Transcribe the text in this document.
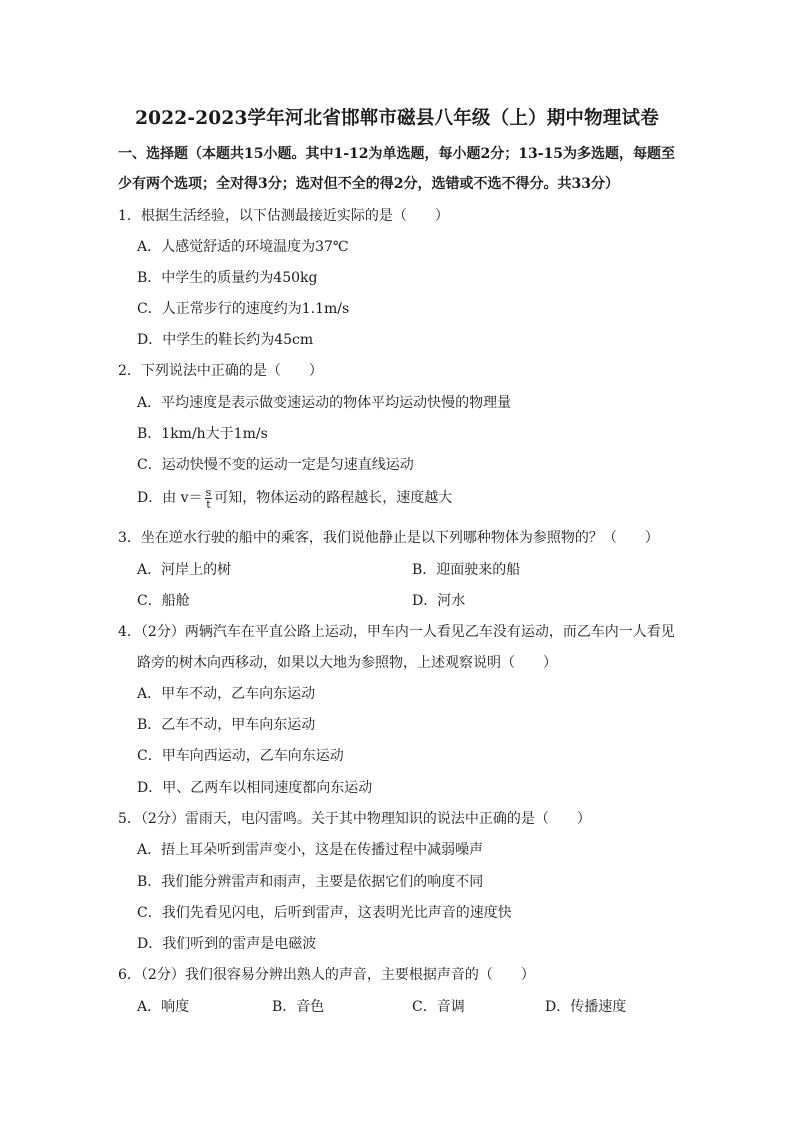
2022-2023学年河北省邯郸市磁县八年级（上）期中物理试卷
一、选择题（本题共15小题。其中1-12为单选题，每小题2分；13-15为多选题，每题至
少有两个选项；全对得3分；选对但不全的得2分，选错或不选不得分。共33分）
1．根据生活经验，以下估测最接近实际的是（　　）
A．人感觉舒适的环境温度为37℃
B．中学生的质量约为450kg
C．人正常步行的速度约为1.1m/s
D．中学生的鞋长约为45cm
2．下列说法中正确的是（　　）
A．平均速度是表示做变速运动的物体平均运动快慢的物理量
B．1km/h大于1m/s
C．运动快慢不变的运动一定是匀速直线运动
D．由 $v= \frac{s}{t}$ 可知，物体运动的路程越长，速度越大
3．坐在逆水行驶的船中的乘客，我们说他静止是以下列哪种物体为参照物的？（　　）
A．河岸上的树	B．迎面驶来的船
C．船舱	D．河水
4．（2分）两辆汽车在平直公路上运动，甲车内一人看见乙车没有运动，而乙车内一人看见
路旁的树木向西移动，如果以大地为参照物，上述观察说明（　　）
A．甲车不动，乙车向东运动
B．乙车不动，甲车向东运动
C．甲车向西运动，乙车向东运动
D．甲、乙两车以相同速度都向东运动
5．（2分）雷雨天，电闪雷鸣。关于其中物理知识的说法中正确的是（　　）
A．捂上耳朵听到雷声变小，这是在传播过程中减弱噪声
B．我们能分辨雷声和雨声，主要是依据它们的响度不同
C．我们先看见闪电，后听到雷声，这表明光比声音的速度快
D．我们听到的雷声是电磁波
6．（2分）我们很容易分辨出熟人的声音，主要根据声音的（　　）
A．响度	B．音色	C．音调	D．传播速度
